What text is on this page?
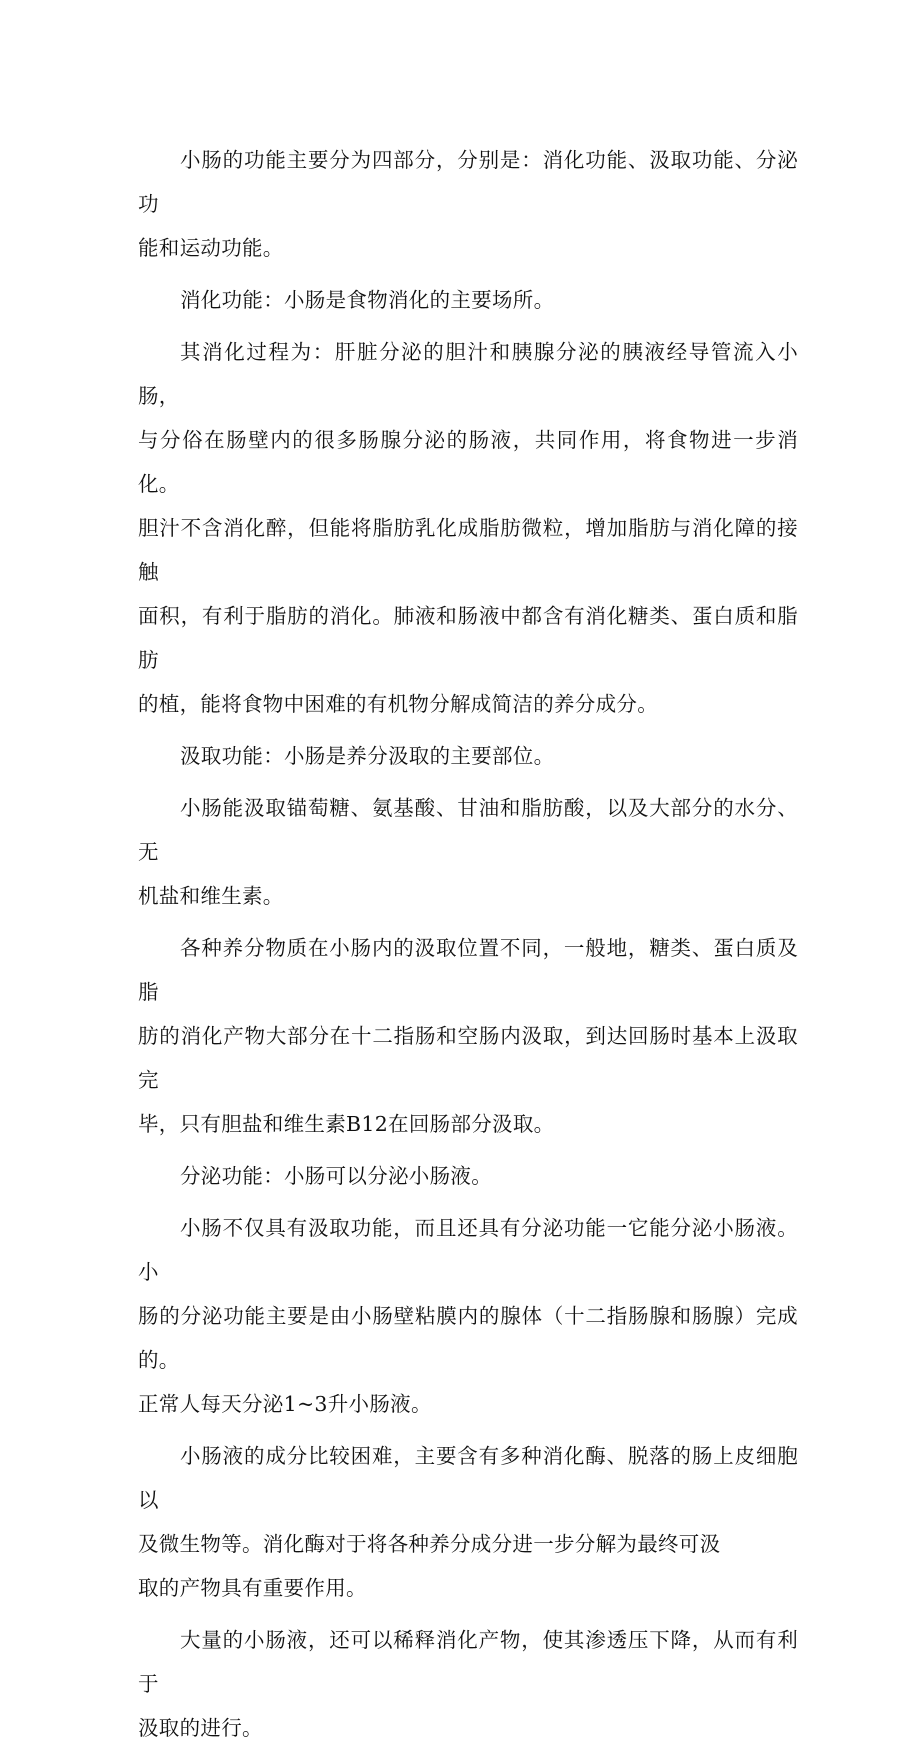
小肠的功能主要分为四部分，分别是：消化功能、汲取功能、分泌功
能和运动功能。

消化功能：小肠是食物消化的主要场所。

其消化过程为：肝脏分泌的胆汁和胰腺分泌的胰液经导管流入小肠，
与分俗在肠壁内的很多肠腺分泌的肠液，共同作用，将食物进一步消化。
胆汁不含消化醉，但能将脂肪乳化成脂肪微粒，增加脂肪与消化障的接触
面积，有利于脂肪的消化。肺液和肠液中都含有消化糖类、蛋白质和脂肪
的植，能将食物中困难的有机物分解成简洁的养分成分。

汲取功能：小肠是养分汲取的主要部位。

小肠能汲取锚萄糖、氨基酸、甘油和脂肪酸，以及大部分的水分、无
机盐和维生素。

各种养分物质在小肠内的汲取位置不同，一般地，糖类、蛋白质及脂
肪的消化产物大部分在十二指肠和空肠内汲取，到达回肠时基本上汲取完
毕，只有胆盐和维生素B12在回肠部分汲取。

分泌功能：小肠可以分泌小肠液。

小肠不仅具有汲取功能，而且还具有分泌功能一它能分泌小肠液。小
肠的分泌功能主要是由小肠壁粘膜内的腺体（十二指肠腺和肠腺）完成的。
正常人每天分泌1~3升小肠液。

小肠液的成分比较困难，主要含有多种消化酶、脱落的肠上皮细胞以
及微生物等。消化酶对于将各种养分成分进一步分解为最终可汲
取的产物具有重要作用。

大量的小肠液，还可以稀释消化产物，使其渗透压下降，从而有利于
汲取的进行。
